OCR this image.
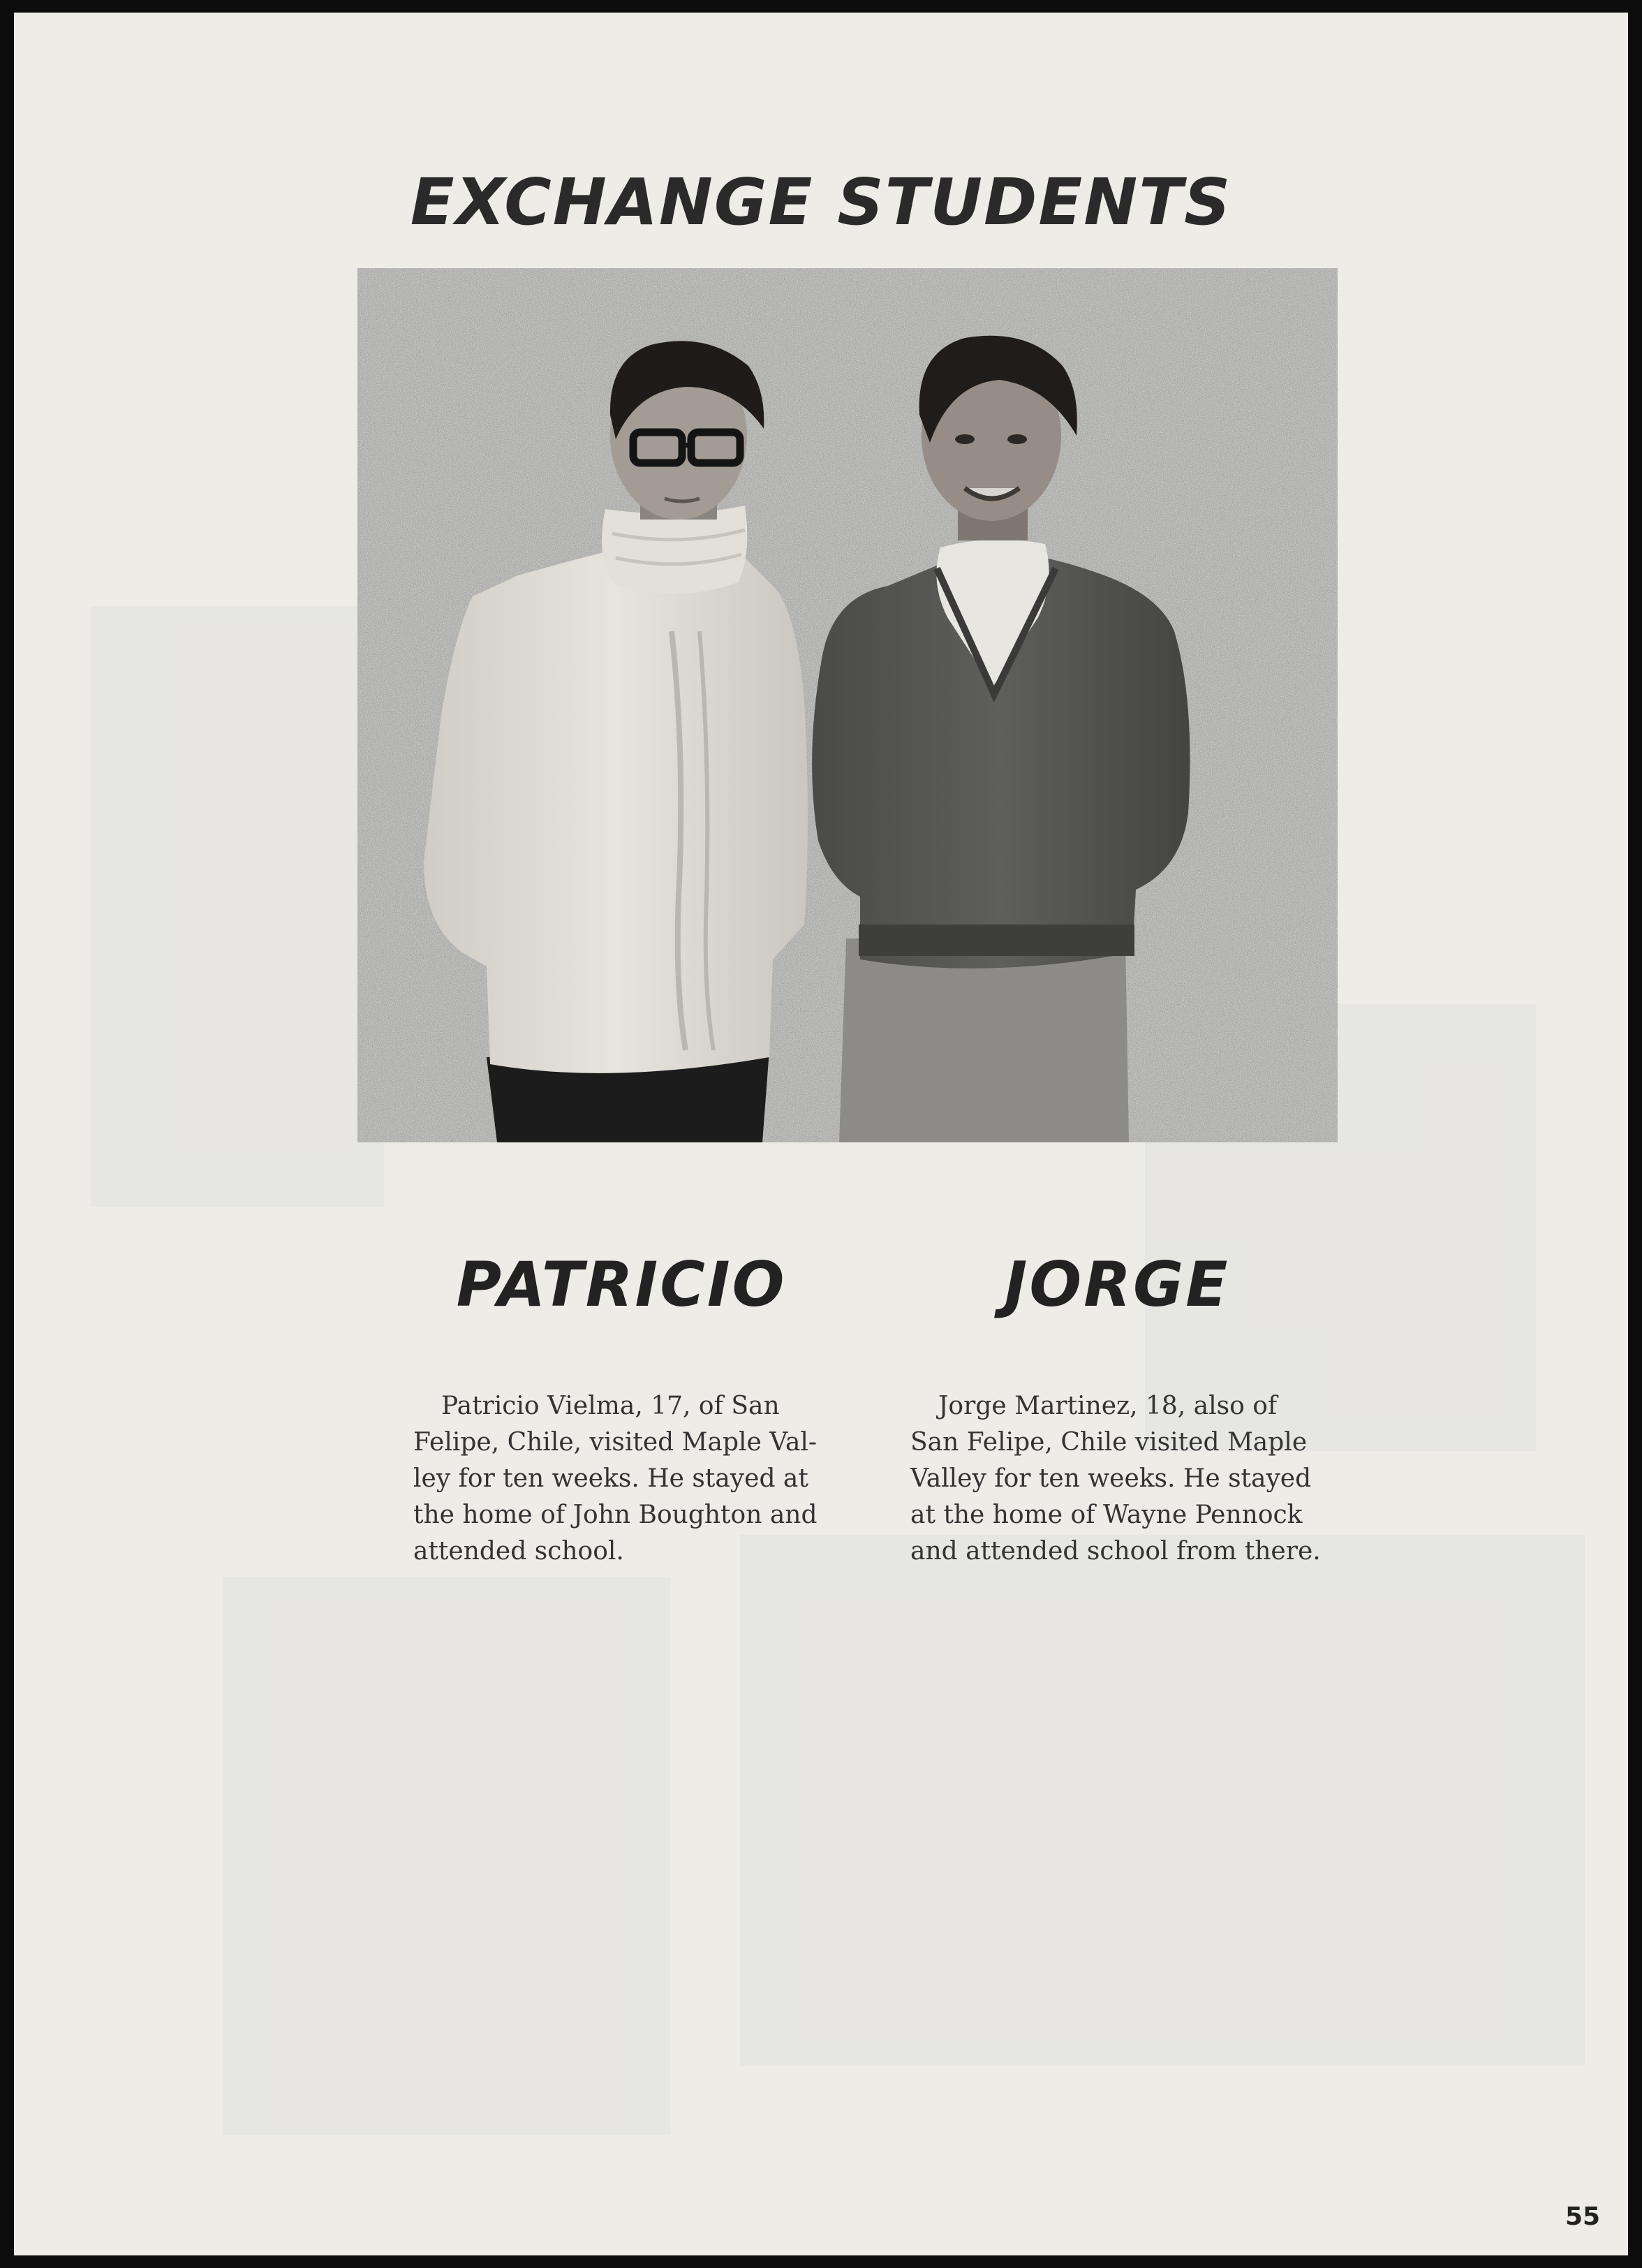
EXCHANGE STUDENTS
PATRICIO	JORGE

Patricio Vielma, 17, of San
Felipe, Chile, visited Maple Val-
ley for ten weeks. He stayed at
the home of John Boughton and
attended school.

Jorge Martinez, 18, also of
San Felipe, Chile visited Maple
Valley for ten weeks. He stayed
at the home of Wayne Pennock
and attended school from there.

55
